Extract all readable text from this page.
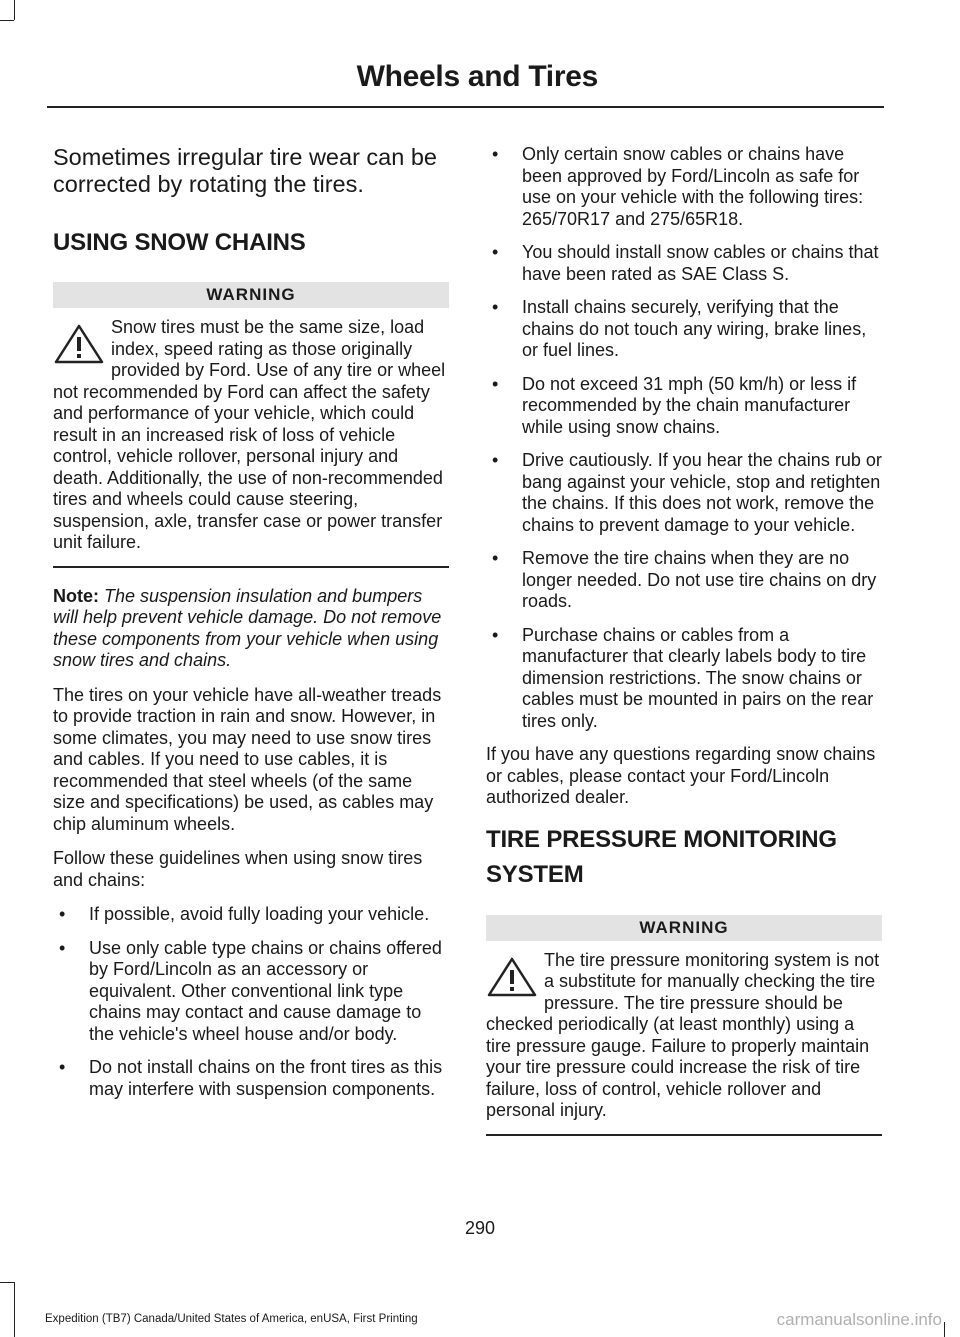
Wheels and Tires

Sometimes irregular tire wear can be corrected by rotating the tires.

USING SNOW CHAINS
WARNING
Snow tires must be the same size, load index, speed rating as those originally provided by Ford. Use of any tire or wheel not recommended by Ford can affect the safety and performance of your vehicle, which could result in an increased risk of loss of vehicle control, vehicle rollover, personal injury and death. Additionally, the use of non-recommended tires and wheels could cause steering, suspension, axle, transfer case or power transfer unit failure.

Note: The suspension insulation and bumpers will help prevent vehicle damage. Do not remove these components from your vehicle when using snow tires and chains.

The tires on your vehicle have all-weather treads to provide traction in rain and snow. However, in some climates, you may need to use snow tires and cables. If you need to use cables, it is recommended that steel wheels (of the same size and specifications) be used, as cables may chip aluminum wheels.

Follow these guidelines when using snow tires and chains:

• If possible, avoid fully loading your vehicle.
• Use only cable type chains or chains offered by Ford/Lincoln as an accessory or equivalent. Other conventional link type chains may contact and cause damage to the vehicle's wheel house and/or body.
• Do not install chains on the front tires as this may interfere with suspension components.
• Only certain snow cables or chains have been approved by Ford/Lincoln as safe for use on your vehicle with the following tires: 265/70R17 and 275/65R18.
• You should install snow cables or chains that have been rated as SAE Class S.
• Install chains securely, verifying that the chains do not touch any wiring, brake lines, or fuel lines.
• Do not exceed 31 mph (50 km/h) or less if recommended by the chain manufacturer while using snow chains.
• Drive cautiously. If you hear the chains rub or bang against your vehicle, stop and retighten the chains. If this does not work, remove the chains to prevent damage to your vehicle.
• Remove the tire chains when they are no longer needed. Do not use tire chains on dry roads.
• Purchase chains or cables from a manufacturer that clearly labels body to tire dimension restrictions. The snow chains or cables must be mounted in pairs on the rear tires only.

If you have any questions regarding snow chains or cables, please contact your Ford/Lincoln authorized dealer.

TIRE PRESSURE MONITORING
SYSTEM
WARNING
The tire pressure monitoring system is not a substitute for manually checking the tire pressure. The tire pressure should be checked periodically (at least monthly) using a tire pressure gauge. Failure to properly maintain your tire pressure could increase the risk of tire failure, loss of control, vehicle rollover and personal injury.
290
Expedition (TB7) Canada/United States of America, enUSA, First Printing	carmanualsonline.info
